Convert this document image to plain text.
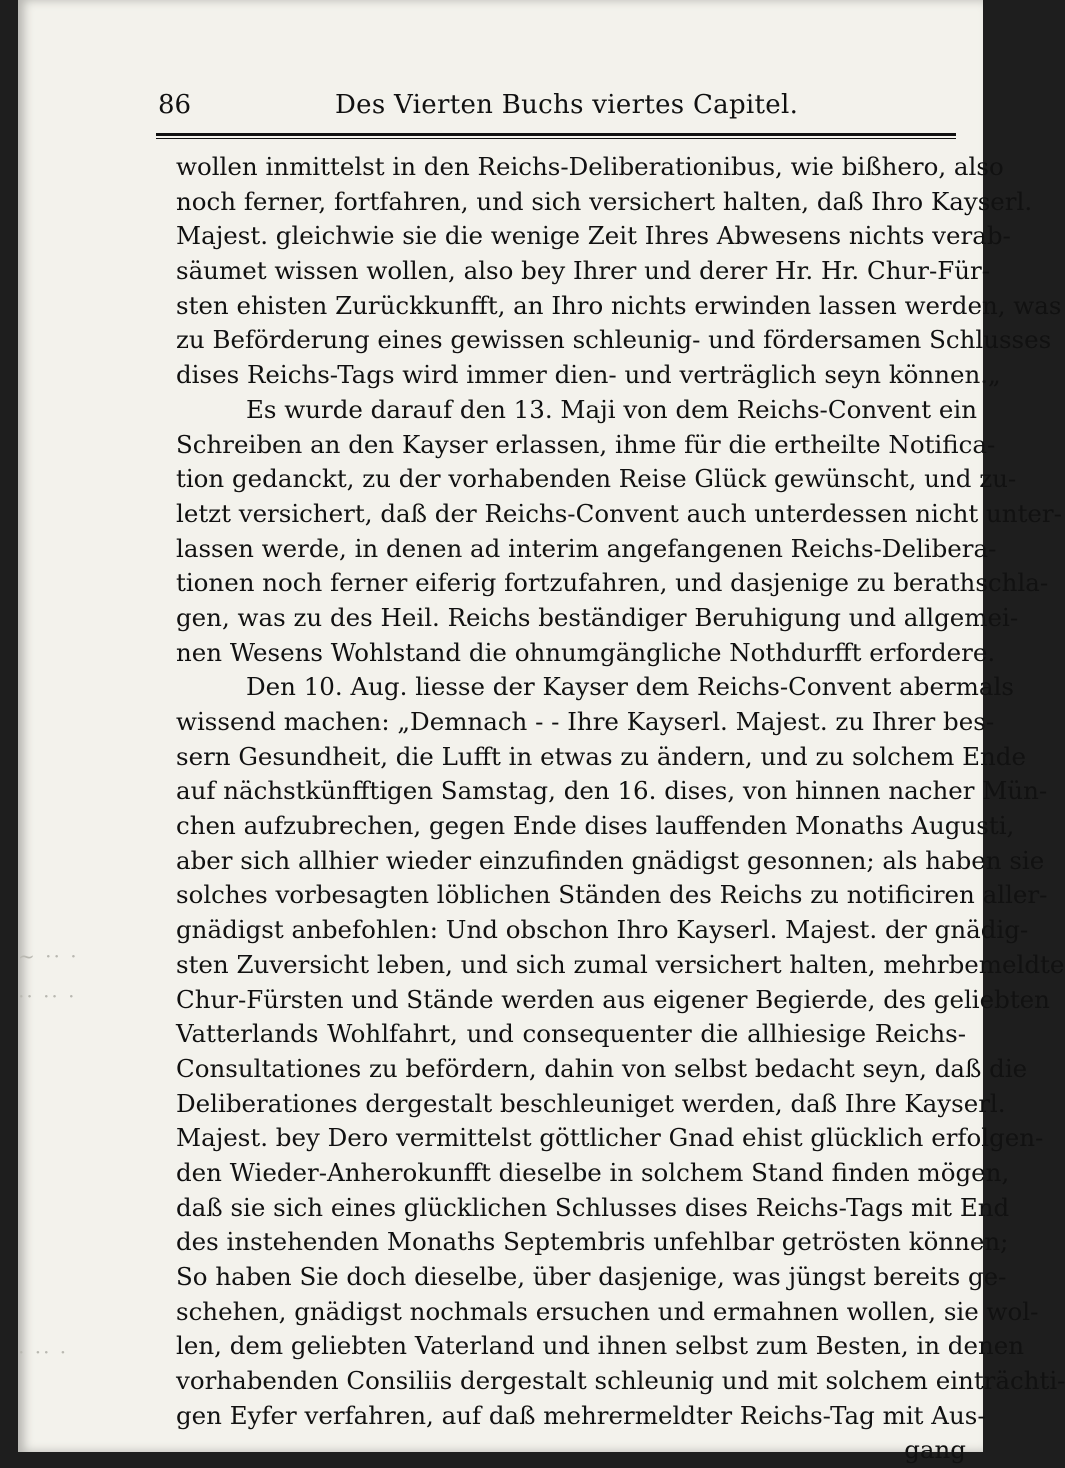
~ ·· ·
·· ·· ·
· ·· ·
86	Des Vierten Buchs viertes Capitel.
wollen inmittelst in den Reichs-Deliberationibus, wie bißhero, also
noch ferner, fortfahren, und sich versichert halten, daß Ihro Kayserl.
Majest. gleichwie sie die wenige Zeit Ihres Abwesens nichts verab-
säumet wissen wollen, also bey Ihrer und derer Hr. Hr. Chur-Für-
sten ehisten Zurückkunfft, an Ihro nichts erwinden lassen werden, was
zu Beförderung eines gewissen schleunig- und fördersamen Schlusses
dises Reichs-Tags wird immer dien- und verträglich seyn können.„
Es wurde darauf den 13. Maji von dem Reichs-Convent ein
Schreiben an den Kayser erlassen, ihme für die ertheilte Notifica-
tion gedanckt, zu der vorhabenden Reise Glück gewünscht, und zu-
letzt versichert, daß der Reichs-Convent auch unterdessen nicht unter-
lassen werde, in denen ad interim angefangenen Reichs-Delibera-
tionen noch ferner eiferig fortzufahren, und dasjenige zu berathschla-
gen, was zu des Heil. Reichs beständiger Beruhigung und allgemei-
nen Wesens Wohlstand die ohnumgängliche Nothdurfft erfordere.
Den 10. Aug. liesse der Kayser dem Reichs-Convent abermals
wissend machen: „Demnach - - Ihre Kayserl. Majest. zu Ihrer bes-
sern Gesundheit, die Lufft in etwas zu ändern, und zu solchem Ende
auf nächstkünfftigen Samstag, den 16. dises, von hinnen nacher Mün-
chen aufzubrechen, gegen Ende dises lauffenden Monaths Augusti,
aber sich allhier wieder einzufinden gnädigst gesonnen; als haben sie
solches vorbesagten löblichen Ständen des Reichs zu notificiren aller-
gnädigst anbefohlen: Und obschon Ihro Kayserl. Majest. der gnädig-
sten Zuversicht leben, und sich zumal versichert halten, mehrbemeldte
Chur-Fürsten und Stände werden aus eigener Begierde, des geliebten
Vatterlands Wohlfahrt, und consequenter die allhiesige Reichs-
Consultationes zu befördern, dahin von selbst bedacht seyn, daß die
Deliberationes dergestalt beschleuniget werden, daß Ihre Kayserl.
Majest. bey Dero vermittelst göttlicher Gnad ehist glücklich erfolgen-
den Wieder-Anherokunfft dieselbe in solchem Stand finden mögen,
daß sie sich eines glücklichen Schlusses dises Reichs-Tags mit End
des instehenden Monaths Septembris unfehlbar getrösten können;
So haben Sie doch dieselbe, über dasjenige, was jüngst bereits ge-
schehen, gnädigst nochmals ersuchen und ermahnen wollen, sie wol-
len, dem geliebten Vaterland und ihnen selbst zum Besten, in denen
vorhabenden Consiliis dergestalt schleunig und mit solchem einträchti-
gen Eyfer verfahren, auf daß mehrermeldter Reichs-Tag mit Aus-
gang
